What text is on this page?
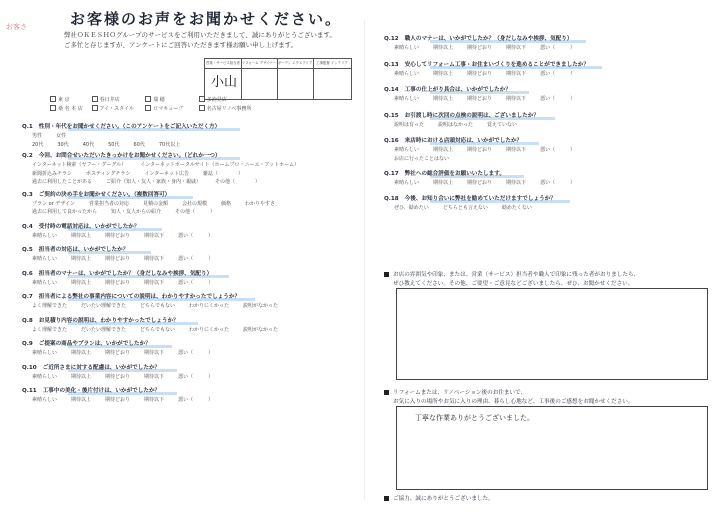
お客さ	お客様のお声をお聞かせください。
弊社ＯＫＥＳＨＯグループのサービスをご利用いただきまして、誠にありがとうございます。
ご多忙と存じますが、アンケートにご回答いただきます様お願い申し上げます。
営業・サービス担当者 リフォーム デザイナー ガーデン エクステリア	工事監督 インテリア
小山
東 京	春日井店	瑞 穂	多治見店
桑 名 本 店	アイ・スタイル	ロマキューブ	名古屋リノベ事務所
Q.1 性別・年代をお聞かせください。（このアンケートをご記入いただく方）
男性	女性
20代	30代	40代	50代	60代	70代以上
Q.2 今回、お問合せいただいたきっかけをお聞かせください。（どれか一つ）
インターネット検索（ヤフー・グーグル）	インターネットポータルサイト（ホームプロ・ニーエ・アットホーム）
新聞折込みチラシ	ポスティングチラシ	インターネット広告	雑誌（　　　　）
過去に利用したことがある	ご紹介（知人・友人・家族・身内・親戚）	その他（　　　　）
Q.3 ご契約の決め手をお聞かせください。（複数回答可）
プラン or デザイン	営業担当者の対応	見積の金額	会社の規模	価格	わかりやすさ
過去に利用して良かったから	知人・友人からの紹介	その他（　　　）
Q.4 受付時の電話対応は、いかがでしたか？
素晴らしい	期待以上	期待どおり	期待以下	悪い（　　　）
Q.5 担当者の対応は、いかがでしたか？
素晴らしい	期待以上	期待どおり	期待以下	悪い（　　　）
Q.6 担当者のマナーは、いかがでしたか？（身だしなみや挨拶、気配り）
素晴らしい	期待以上	期待どおり	期待以下	悪い（　　　）
Q.7 担当者による弊社の事業内容についての説明は、わかりやすかったでしょうか？
よく理解できた	だいたい理解できた	どちらでもない	わかりにくかった	説明がなかった
Q.8 お見積り内容の説明は、わかりやすかったでしょうか？
よく理解できた	だいたい理解できた	どちらでもない	わかりにくかった	説明がなかった
Q.9 ご提案の商品やプランは、いかがでしたか？
素晴らしい	期待以上	期待どおり	期待以下	悪い（　　　）
Q.10 ご近所さまに対する配慮は、いかがでしたか？
素晴らしい	期待以上	期待どおり	期待以下	悪い（　　　）
Q.11 工事中の美化・後片付けは、いかがでしたか？
素晴らしい	期待以上	期待どおり	期待以下	悪い（　　　）
Q.12 職人のマナーは、いかがでしたか？（身だしなみや挨拶、気配り）
素晴らしい	期待以上	期待どおり	期待以下	悪い（　　　）
Q.13 安心してリフォーム工事・お住まいづくりを進めることができましたか？
素晴らしい	期待以上	期待どおり	期待以下	悪い（　　　）
Q.14 工事の仕上がり具合は、いかがでしたか？
素晴らしい	期待以上	期待どおり	期待以下	悪い（　　　）
Q.15 お引渡し時に次回の点検の説明は、ございましたか？
説明は有った	説明はなかった	覚えていない
Q.16 来店時における店頭対応は、いかがでしたか？
素晴らしい	期待以上	期待どおり	期待以下	悪い（　　　）
お店に行ったことはない
Q.17 弊社への総合評価をお願いいたします。
素晴らしい	期待以上	期待どおり	期待以下	悪い（　　　）
Q.18 今後、お知り合いに弊社を勧めていただけますでしょうか？
ぜひ、勧めたい	どちらとも言えない	勧めたくない
お店の雰囲気や印象、または、営業（サービス）担当者や職人で印象に残った者がおりましたら、
ぜひ教えてください。その他、ご要望・ご意見などございましたら、ぜひ、お聞かせください。
リフォームまたは、リノベーション後のお住まいで、
お気に入りの場所やお気に入りの理由、暮らし心地など、工事後のご感想をお聞かせください。
丁寧な作業ありがとうございました。
ご協力、誠にありがとうございました。
